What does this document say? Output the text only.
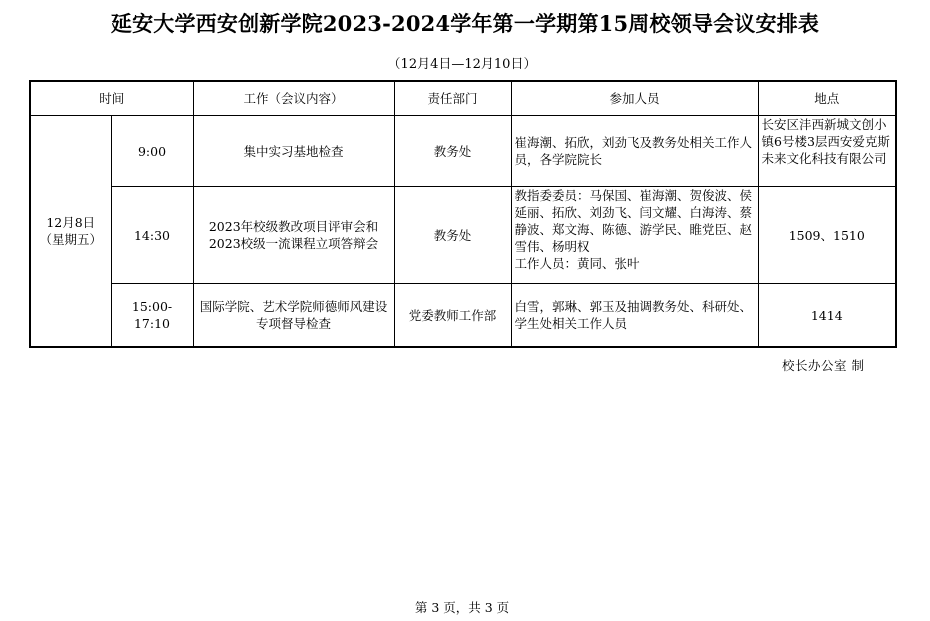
延安大学西安创新学院2023-2024学年第一学期第15周校领导会议安排表
（12月4日—12月10日）
时间		工作（会议内容）	责任部门	参加人员	地点

12月8日
（星期五）	9:00	集中实习基地检查	教务处	崔海潮、拓欣，刘劲飞及教务处相关工作人员，各学院院长	长安区沣西新城文创小镇6号楼3层西安爱克斯未来文化科技有限公司
	14:30	2023年校级教改项目评审会和2023校级一流课程立项答辩会	教务处	教指委委员：马保国、崔海潮、贺俊波、侯延丽、拓欣、刘劲飞、闫文耀、白海涛、蔡静波、郑文海、陈德、游学民、睢党臣、赵雪伟、杨明权
工作人员：黄同、张叶	1509、1510
	15:00-17:10	国际学院、艺术学院师德师风建设专项督导检查	党委教师工作部	白雪，郭琳、郭玉及抽调教务处、科研处、学生处相关工作人员	1414
校长办公室 制
第 3 页，共 3 页
